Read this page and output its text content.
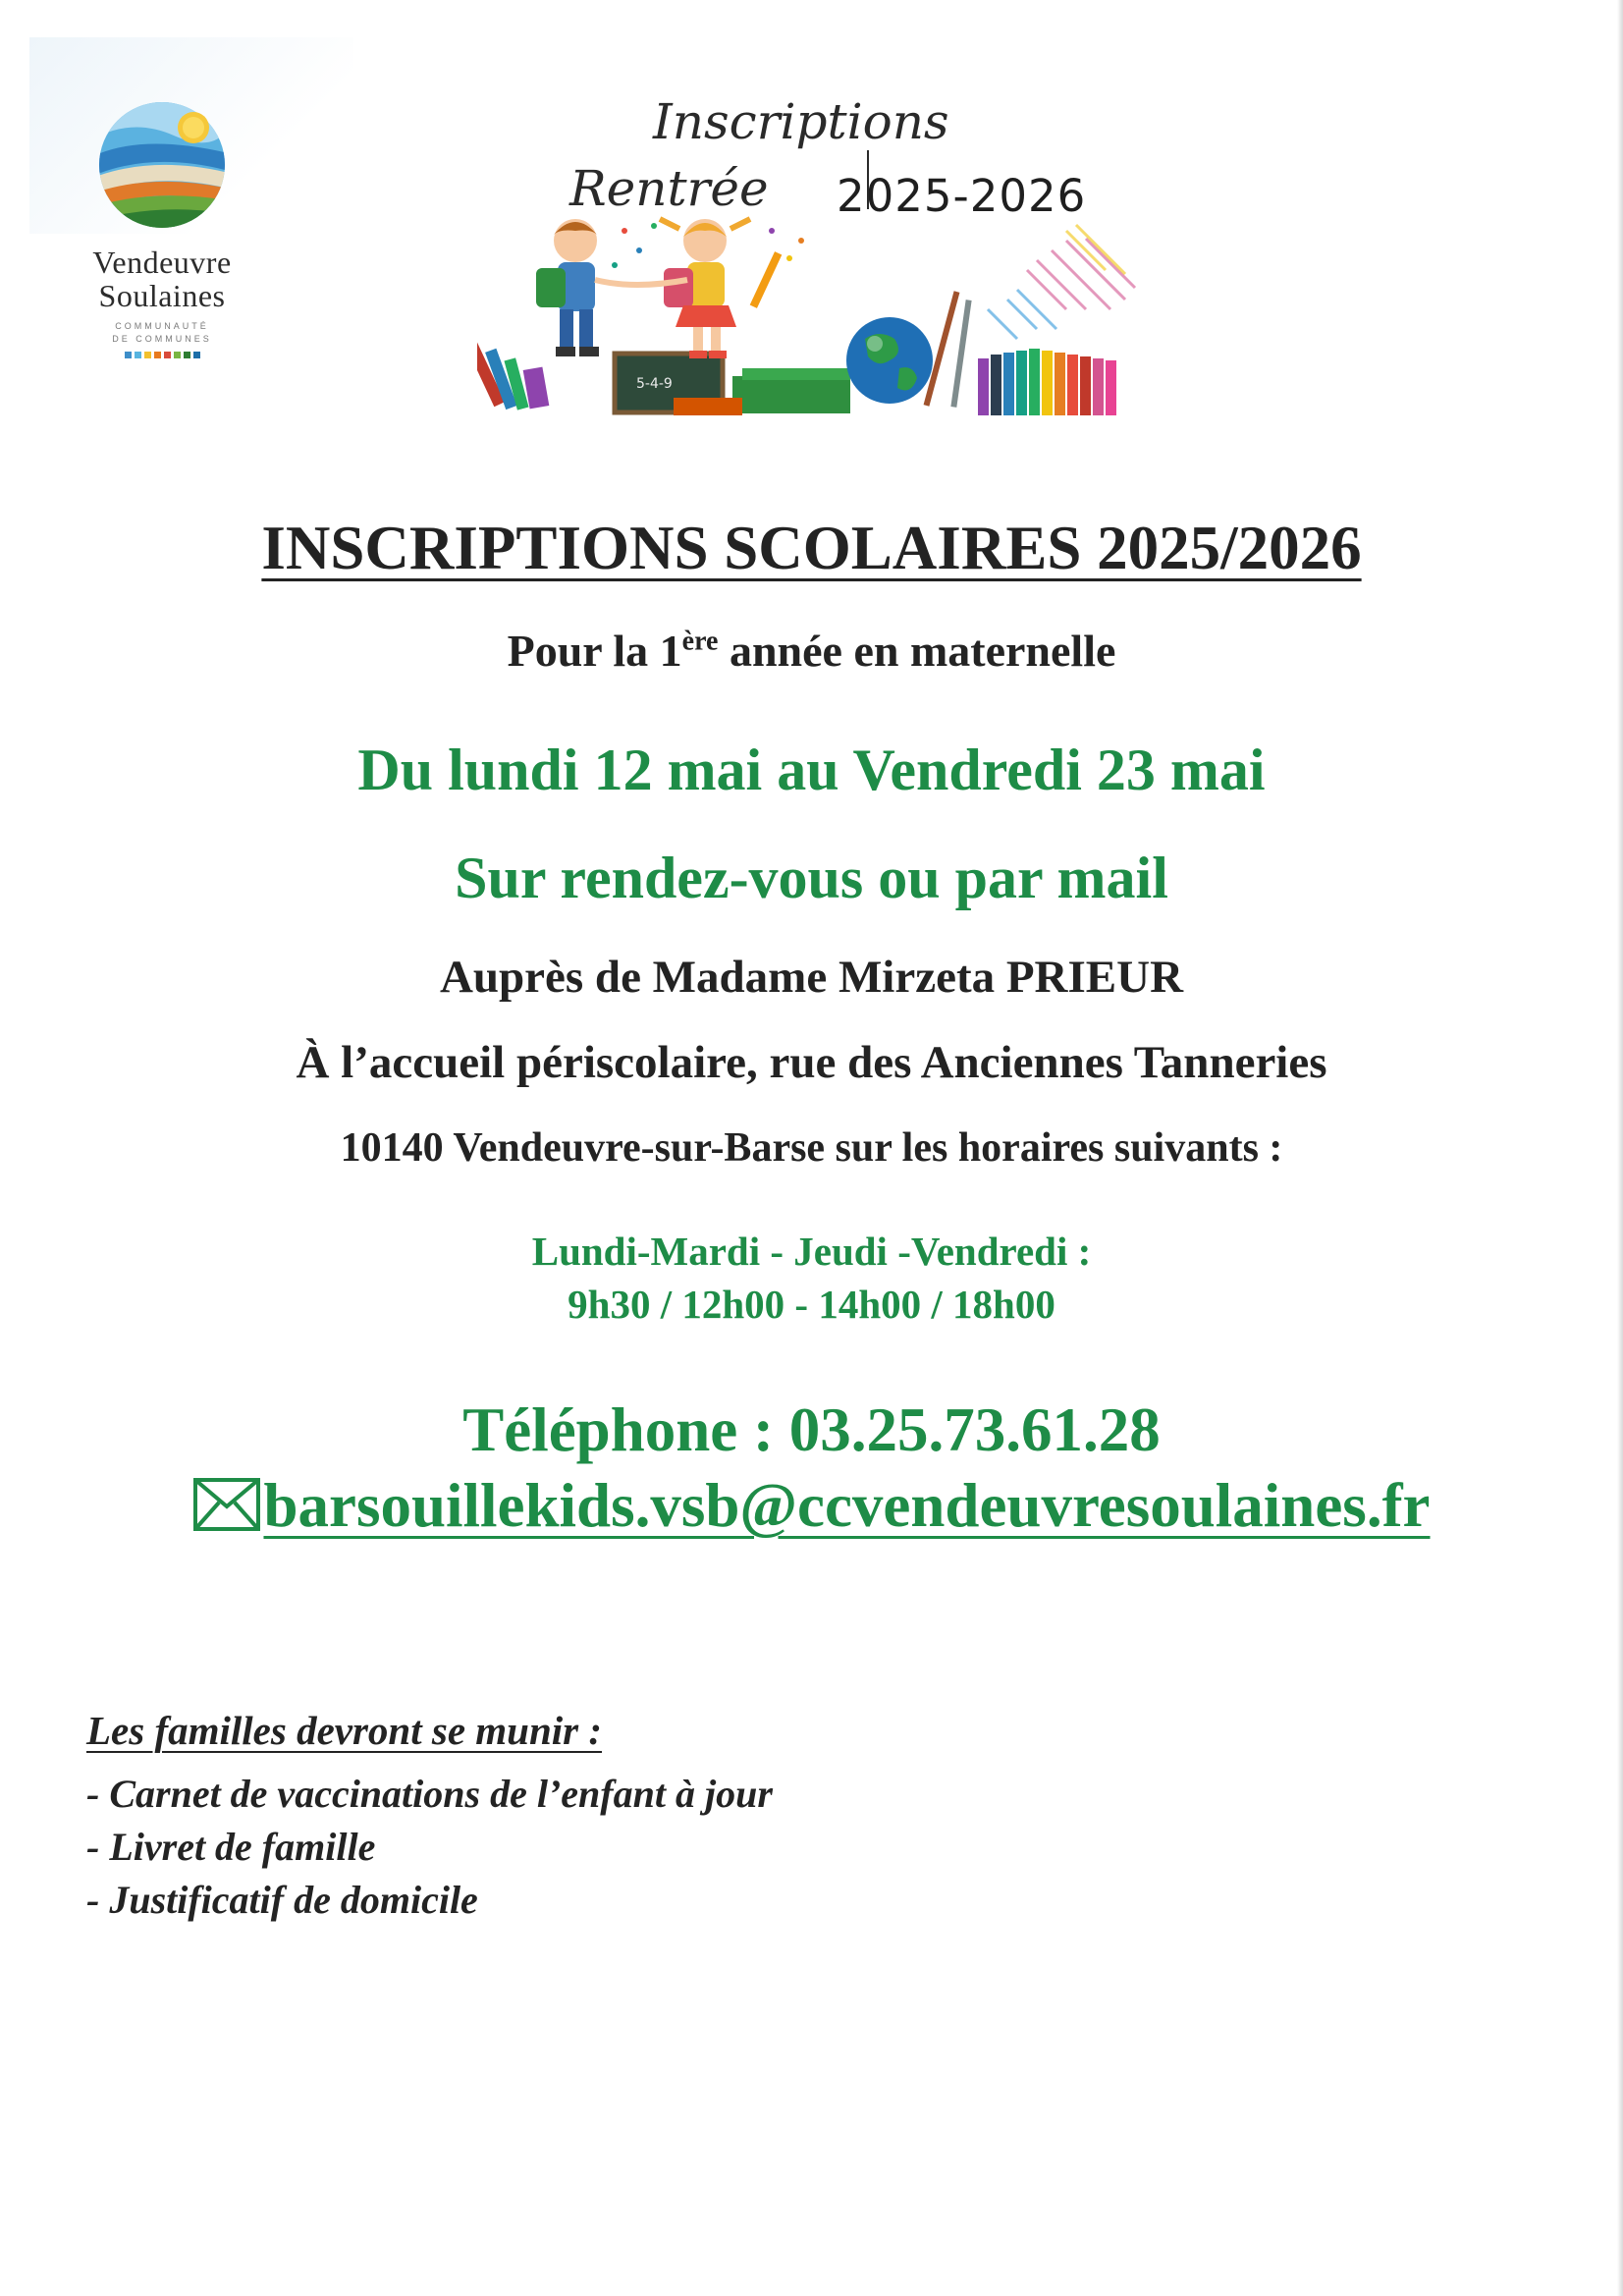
Vendeuvre
Soulaines
COMMUNAUTÉ
DE COMMUNES
Inscriptions
Rentrée 2025-2026
5-4-9
INSCRIPTIONS SCOLAIRES 2025/2026
Pour la 1ère année en maternelle
Du lundi 12 mai au Vendredi 23 mai
Sur rendez-vous ou par mail
Auprès de Madame Mirzeta PRIEUR
À l’accueil périscolaire, rue des Anciennes Tanneries
10140 Vendeuvre-sur-Barse sur les horaires suivants :
Lundi-Mardi - Jeudi -Vendredi :
9h30 / 12h00 - 14h00 / 18h00
Téléphone : 03.25.73.61.28
barsouillekids.vsb@ccvendeuvresoulaines.fr
Les familles devront se munir :
- Carnet de vaccinations de l’enfant à jour
- Livret de famille
- Justificatif de domicile
